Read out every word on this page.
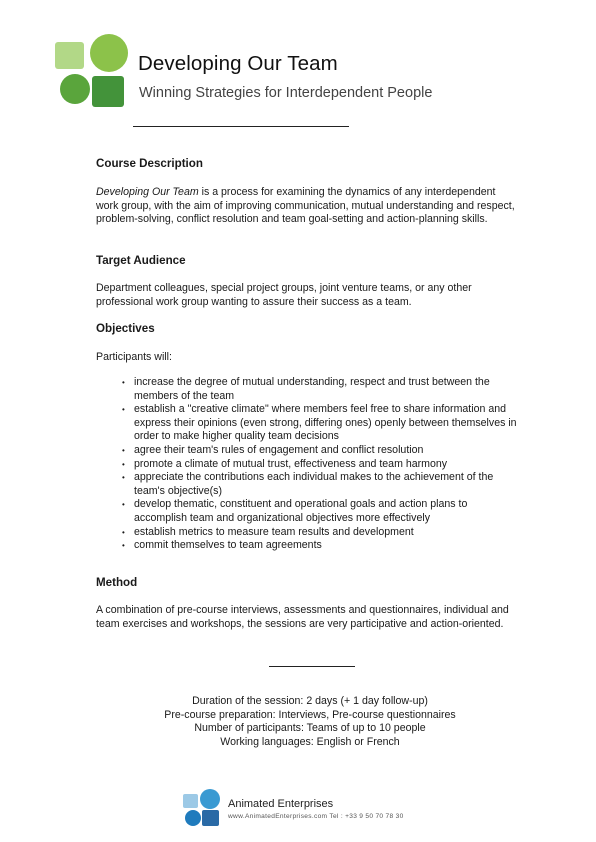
Developing Our Team
Winning Strategies for Interdependent People

Course Description

Developing Our Team is a process for examining the dynamics of any interdependent work group, with the aim of improving communication, mutual understanding and respect, problem-solving, conflict resolution and team goal-setting and action-planning skills.

Target Audience

Department colleagues, special project groups, joint venture teams, or any other professional work group wanting to assure their success as a team.

Objectives

Participants will:

• increase the degree of mutual understanding, respect and trust between the members of the team
• establish a "creative climate" where members feel free to share information and express their opinions (even strong, differing ones) openly between themselves in order to make higher quality team decisions
• agree their team's rules of engagement and conflict resolution
• promote a climate of mutual trust, effectiveness and team harmony
• appreciate the contributions each individual makes to the achievement of the team's objective(s)
• develop thematic, constituent and operational goals and action plans to accomplish team and organizational objectives more effectively
• establish metrics to measure team results and development
• commit themselves to team agreements

Method

A combination of pre-course interviews, assessments and questionnaires, individual and team exercises and workshops, the sessions are very participative and action-oriented.

Duration of the session: 2 days (+ 1 day follow-up)
Pre-course preparation: Interviews, Pre-course questionnaires
Number of participants: Teams of up to 10 people
Working languages: English or French
Animated Enterprises
www.AnimatedEnterprises.com Tel : +33 9 50 70 78 30
